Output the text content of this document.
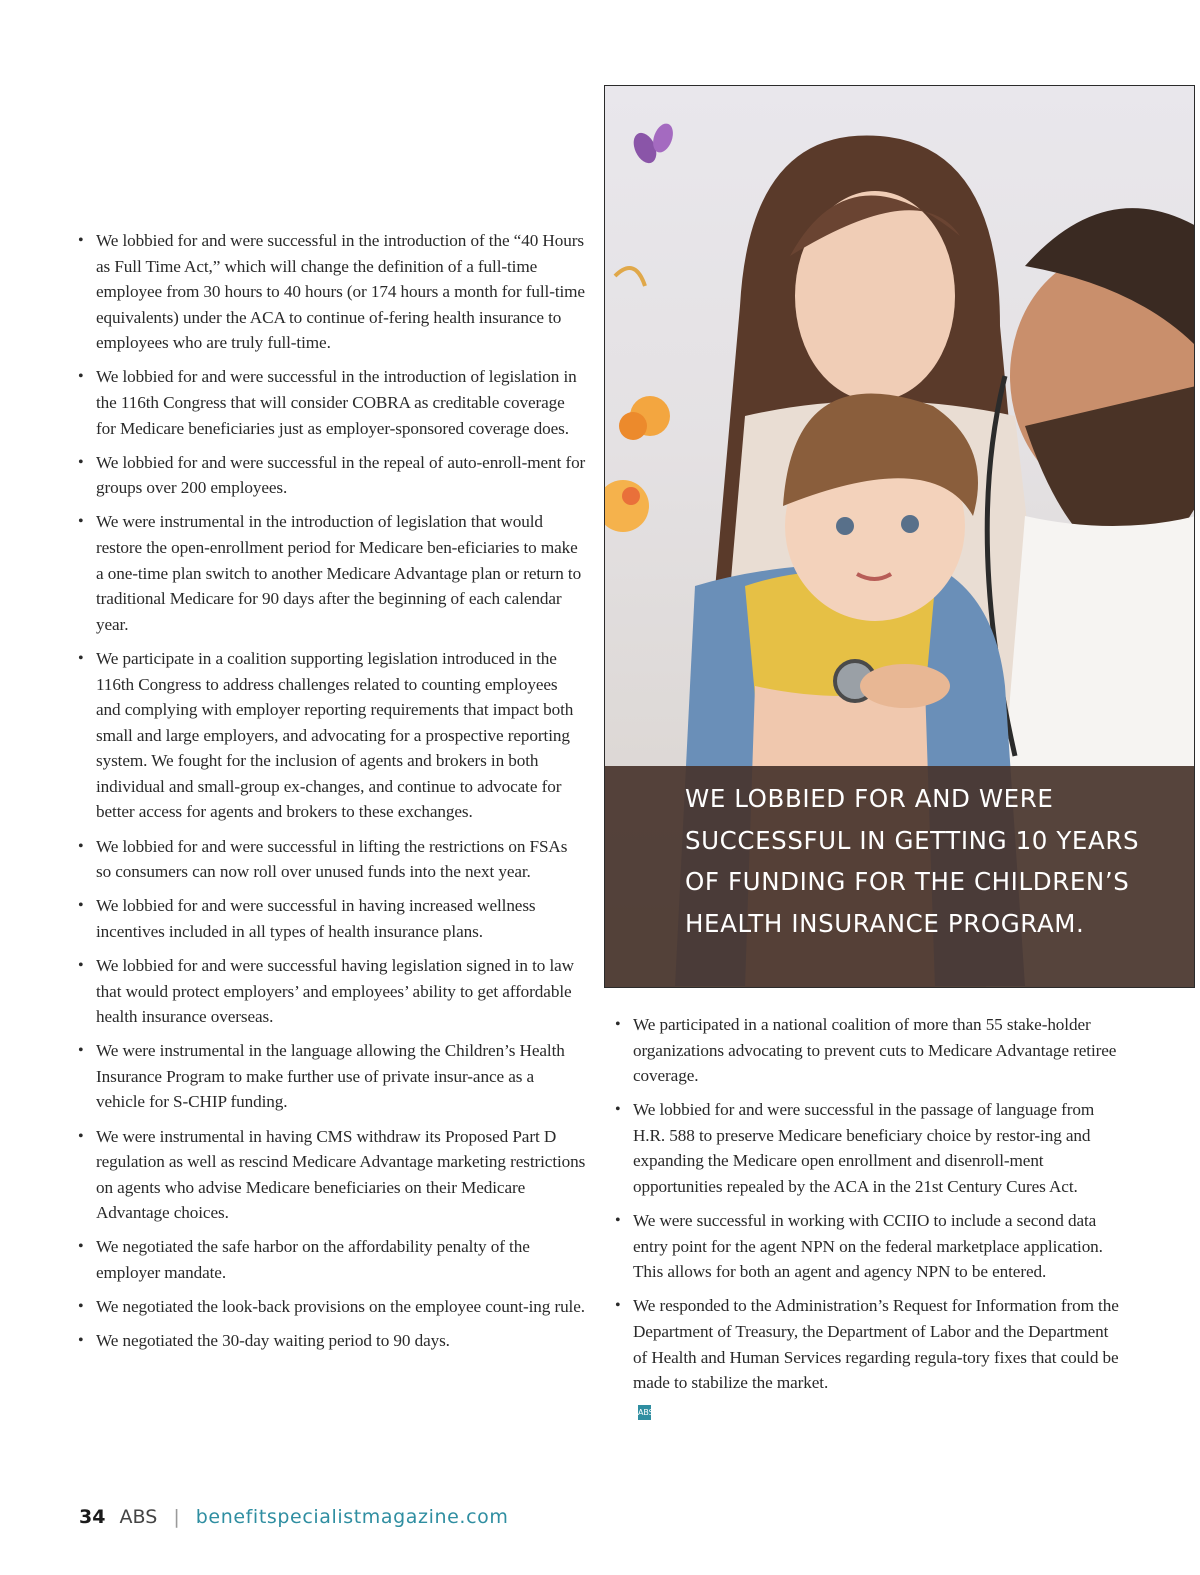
• We lobbied for and were successful in the introduction of the “40 Hours as Full Time Act,” which will change the definition of a full-time employee from 30 hours to 40 hours (or 174 hours a month for full-time equivalents) under the ACA to continue of-fering health insurance to employees who are truly full-time.
• We lobbied for and were successful in the introduction of legislation in the 116th Congress that will consider COBRA as creditable coverage for Medicare beneficiaries just as employer-sponsored coverage does.
• We lobbied for and were successful in the repeal of auto-enroll-ment for groups over 200 employees.
• We were instrumental in the introduction of legislation that would restore the open-enrollment period for Medicare ben-eficiaries to make a one-time plan switch to another Medicare Advantage plan or return to traditional Medicare for 90 days after the beginning of each calendar year.
• We participate in a coalition supporting legislation introduced in the 116th Congress to address challenges related to counting employees and complying with employer reporting requirements that impact both small and large employers, and advocating for a prospective reporting system. We fought for the inclusion of agents and brokers in both individual and small-group ex-changes, and continue to advocate for better access for agents and brokers to these exchanges.
• We lobbied for and were successful in lifting the restrictions on FSAs so consumers can now roll over unused funds into the next year.
• We lobbied for and were successful in having increased wellness incentives included in all types of health insurance plans.
• We lobbied for and were successful having legislation signed in to law that would protect employers’ and employees’ ability to get affordable health insurance overseas.
• We were instrumental in the language allowing the Children’s Health Insurance Program to make further use of private insur-ance as a vehicle for S-CHIP funding.
• We were instrumental in having CMS withdraw its Proposed Part D regulation as well as rescind Medicare Advantage marketing restrictions on agents who advise Medicare beneficiaries on their Medicare Advantage choices.
• We negotiated the safe harbor on the affordability penalty of the employer mandate.
• We negotiated the look-back provisions on the employee count-ing rule.
• We negotiated the 30-day waiting period to 90 days.

WE LOBBIED FOR AND WERE SUCCESSFUL IN GETTING 10 YEARS OF FUNDING FOR THE CHILDREN’S HEALTH INSURANCE PROGRAM.

• We participated in a national coalition of more than 55 stake-holder organizations advocating to prevent cuts to Medicare Advantage retiree coverage.
• We lobbied for and were successful in the passage of language from H.R. 588 to preserve Medicare beneficiary choice by restor-ing and expanding the Medicare open enrollment and disenroll-ment opportunities repealed by the ACA in the 21st Century Cures Act.
• We were successful in working with CCIIO to include a second data entry point for the agent NPN on the federal marketplace application. This allows for both an agent and agency NPN to be entered.
• We responded to the Administration’s Request for Information from the Department of Treasury, the Department of Labor and the Department of Health and Human Services regarding regula-tory fixes that could be made to stabilize the market.
ABS
34 ABS | benefitspecialistmagazine.com
